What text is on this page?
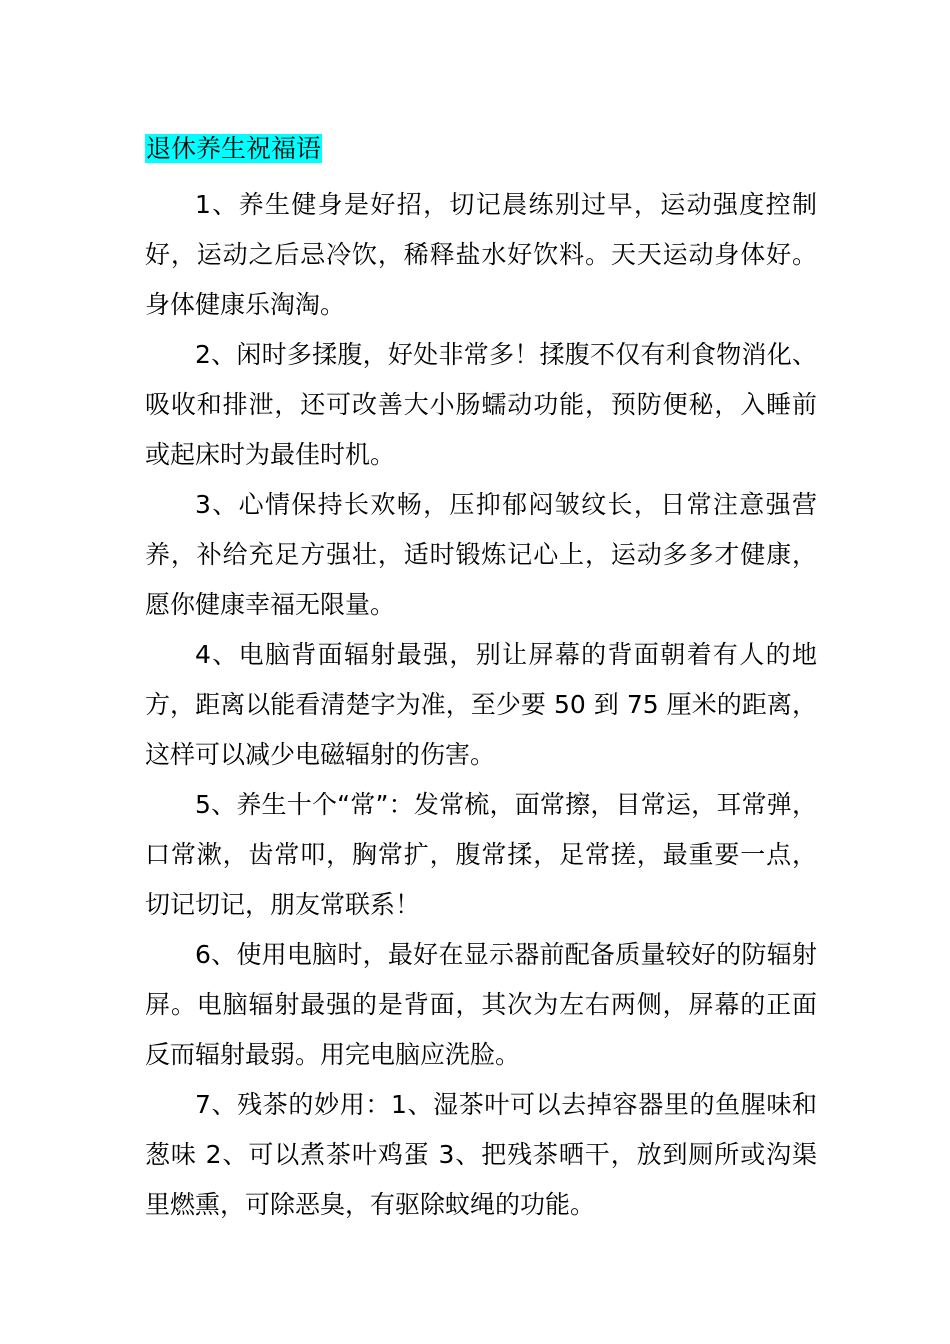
退休养生祝福语

1、养生健身是好招，切记晨练别过早，运动强度控制好，运动之后忌冷饮，稀释盐水好饮料。天天运动身体好。身体健康乐淘淘。

2、闲时多揉腹，好处非常多！揉腹不仅有利食物消化、吸收和排泄，还可改善大小肠蠕动功能，预防便秘，入睡前或起床时为最佳时机。

3、心情保持长欢畅，压抑郁闷皱纹长，日常注意强营养，补给充足方强壮，适时锻炼记心上，运动多多才健康，愿你健康幸福无限量。

4、电脑背面辐射最强，别让屏幕的背面朝着有人的地方，距离以能看清楚字为准，至少要 50 到 75 厘米的距离，这样可以减少电磁辐射的伤害。

5、养生十个“常”：发常梳，面常擦，目常运，耳常弹，口常漱，齿常叩，胸常扩，腹常揉，足常搓，最重要一点，切记切记，朋友常联系！

6、使用电脑时，最好在显示器前配备质量较好的防辐射屏。电脑辐射最强的是背面，其次为左右两侧，屏幕的正面反而辐射最弱。用完电脑应洗脸。

7、残茶的妙用：1、湿茶叶可以去掉容器里的鱼腥味和葱味 2、可以煮茶叶鸡蛋 3、把残茶晒干，放到厕所或沟渠里燃熏，可除恶臭，有驱除蚊绳的功能。
